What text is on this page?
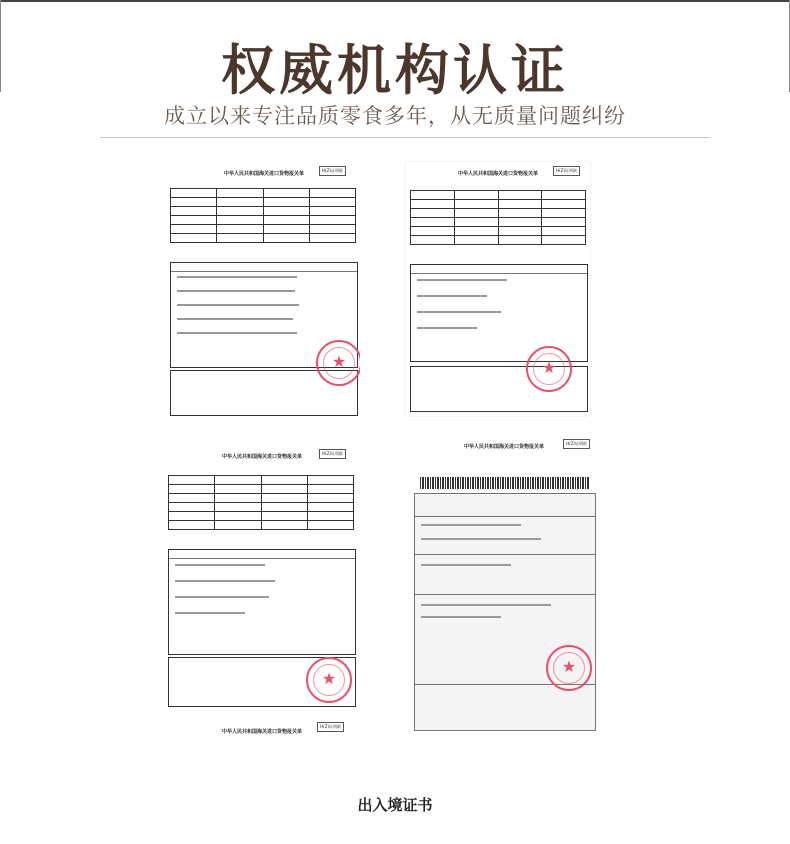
权威机构认证
成立以来专注品质零食多年，从无质量问题纠纷
中华人民共和国海关进口货物报关单
H(Z)证明联

★
中华人民共和国海关进口货物报关单
H(Z)证明联

★
中华人民共和国海关进口货物报关单
H(Z)证明联

★
中华人民共和国海关进口货物报关单
H(Z)证明联
★
中华人民共和国海关进口货物报关单
H(Z)证明联
出入境证书
